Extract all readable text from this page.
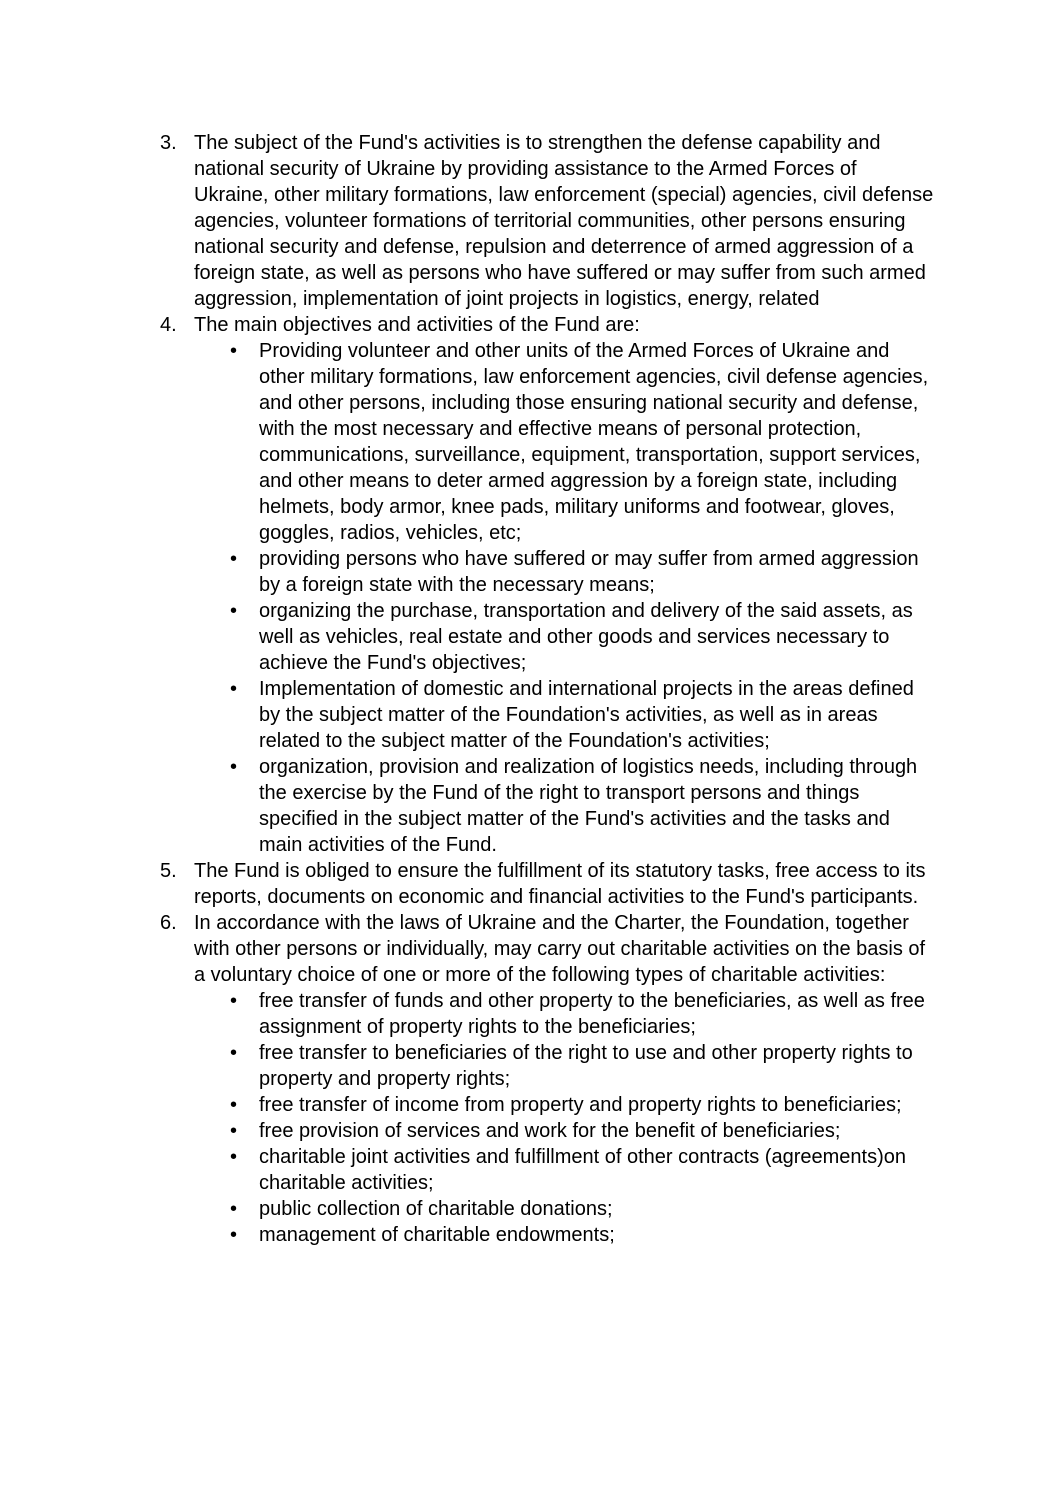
3. The subject of the Fund's activities is to strengthen the defense capability and national security of Ukraine by providing assistance to the Armed Forces of Ukraine, other military formations, law enforcement (special) agencies, civil defense agencies, volunteer formations of territorial communities, other persons ensuring national security and defense, repulsion and deterrence of armed aggression of a foreign state, as well as persons who have suffered or may suffer from such armed aggression, implementation of joint projects in logistics, energy, related
4. The main objectives and activities of the Fund are:
•	Providing volunteer and other units of the Armed Forces of Ukraine and other military formations, law enforcement agencies, civil defense agencies, and other persons, including those ensuring national security and defense, with the most necessary and effective means of personal protection, communications, surveillance, equipment, transportation, support services, and other means to deter armed aggression by a foreign state, including helmets, body armor, knee pads, military uniforms and footwear, gloves, goggles, radios, vehicles, etc;
•	providing persons who have suffered or may suffer from armed aggression by a foreign state with the necessary means;
•	organizing the purchase, transportation and delivery of the said assets, as well as vehicles, real estate and other goods and services necessary to achieve the Fund's objectives;
•	Implementation of domestic and international projects in the areas defined by the subject matter of the Foundation's activities, as well as in areas related to the subject matter of the Foundation's activities;
•	organization, provision and realization of logistics needs, including through the exercise by the Fund of the right to transport persons and things specified in the subject matter of the Fund's activities and the tasks and main activities of the Fund.
5. The Fund is obliged to ensure the fulfillment of its statutory tasks, free access to its reports, documents on economic and financial activities to the Fund's participants.
6. In accordance with the laws of Ukraine and the Charter, the Foundation, together with other persons or individually, may carry out charitable activities on the basis of a voluntary choice of one or more of the following types of charitable activities:
•	free transfer of funds and other property to the beneficiaries, as well as free assignment of property rights to the beneficiaries;
•	free transfer to beneficiaries of the right to use and other property rights to property and property rights;
•	free transfer of income from property and property rights to beneficiaries;
•	free provision of services and work for the benefit of beneficiaries;
•	charitable joint activities and fulfillment of other contracts (agreements)on charitable activities;
•	public collection of charitable donations;
•	management of charitable endowments;
